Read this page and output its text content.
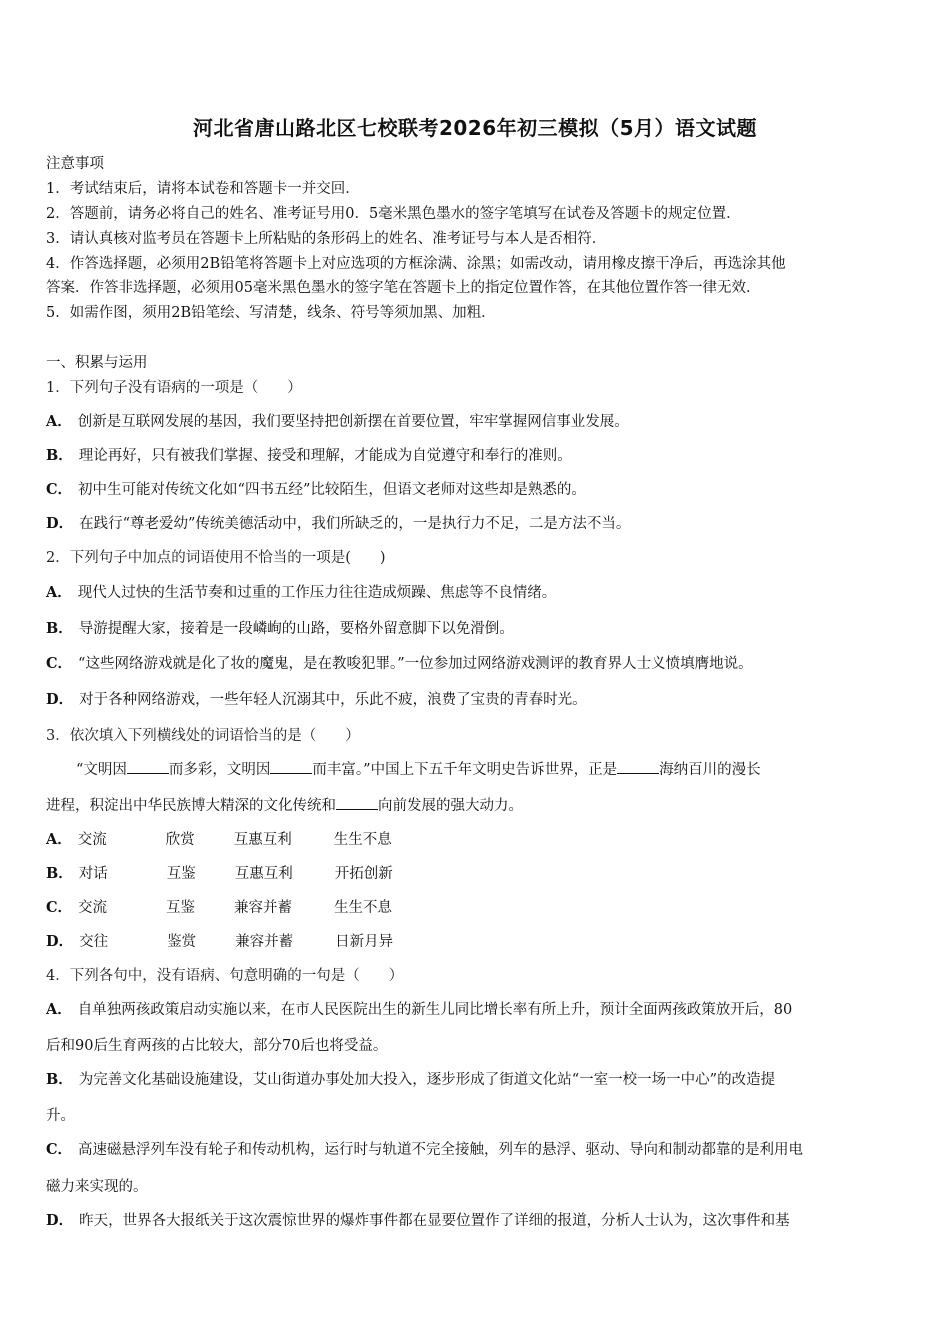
河北省唐山路北区七校联考2026年初三模拟（5月）语文试题
注意事项
1．考试结束后，请将本试卷和答题卡一并交回．
2．答题前，请务必将自己的姓名、准考证号用0．5毫米黑色墨水的签字笔填写在试卷及答题卡的规定位置．
3．请认真核对监考员在答题卡上所粘贴的条形码上的姓名、准考证号与本人是否相符．
4．作答选择题，必须用2B铅笔将答题卡上对应选项的方框涂满、涂黑；如需改动，请用橡皮擦干净后，再选涂其他
答案．作答非选择题，必须用05毫米黑色墨水的签字笔在答题卡上的指定位置作答，在其他位置作答一律无效．
5．如需作图，须用2B铅笔绘、写清楚，线条、符号等须加黑、加粗．
一、积累与运用
1．下列句子没有语病的一项是（　　）
A． 创新是互联网发展的基因，我们要坚持把创新摆在首要位置，牢牢掌握网信事业发展。
B． 理论再好，只有被我们掌握、接受和理解，才能成为自觉遵守和奉行的准则。
C． 初中生可能对传统文化如“四书五经”比较陌生，但语文老师对这些却是熟悉的。
D． 在践行“尊老爱幼”传统美德活动中，我们所缺乏的，一是执行力不足，二是方法不当。
2．下列句子中加点的词语使用不恰当的一项是(　　)
A． 现代人过快的生活节奏和过重的工作压力往往造成烦躁、焦虑等不良情绪。
B． 导游提醒大家，接着是一段嶙峋的山路，要格外留意脚下以免滑倒。
C． “这些网络游戏就是化了妆的魔鬼，是在教唆犯罪。”一位参加过网络游戏测评的教育界人士义愤填膺地说。
D． 对于各种网络游戏，一些年轻人沉溺其中，乐此不疲，浪费了宝贵的青春时光。
3．依次填入下列横线处的词语恰当的是（　　）
“文明因	而多彩，文明因	而丰富。”中国上下五千年文明史告诉世界，正是	海纳百川的漫长
进程，积淀出中华民族博大精深的文化传统和	向前发展的强大动力。
A． 交流	欣赏	互惠互利	生生不息
B． 对话	互鉴	互惠互利	开拓创新
C． 交流	互鉴	兼容并蓄	生生不息
D． 交往	鉴赏	兼容并蓄	日新月异
4．下列各句中，没有语病、句意明确的一句是（　　）
A． 自单独两孩政策启动实施以来，在市人民医院出生的新生儿同比增长率有所上升，预计全面两孩政策放开后，80
后和90后生育两孩的占比较大，部分70后也将受益。
B． 为完善文化基础设施建设，艾山街道办事处加大投入，逐步形成了街道文化站“一室一校一场一中心”的改造提
升。
C． 高速磁悬浮列车没有轮子和传动机构，运行时与轨道不完全接触，列车的悬浮、驱动、导向和制动都靠的是利用电
磁力来实现的。
D． 昨天，世界各大报纸关于这次震惊世界的爆炸事件都在显要位置作了详细的报道，分析人士认为，这次事件和基
